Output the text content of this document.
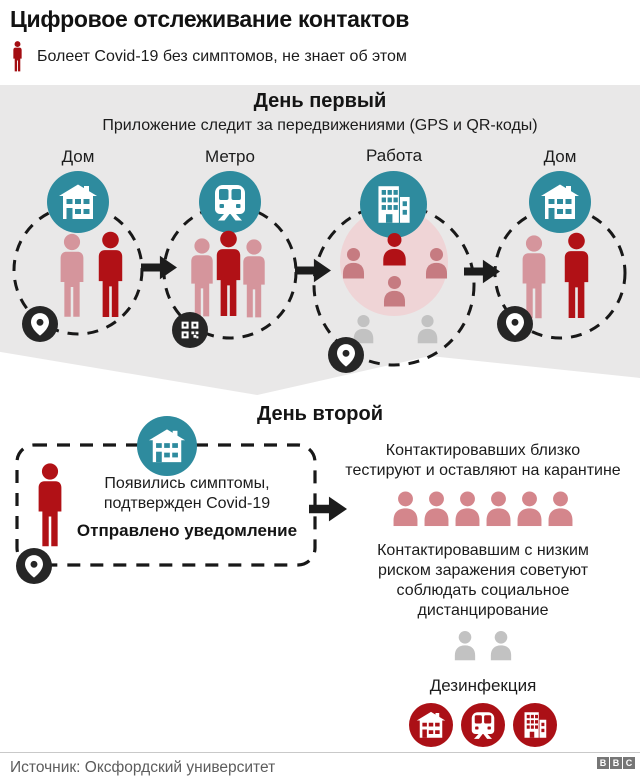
Цифровое отслеживание контактов
Болеет Covid-19 без симптомов, не знает об этом
День первый
Приложение следит за передвижениями (GPS и QR-коды)
Дом	Метро	Работа	Дом
День второй
Появились симптомы,
подтвержден Covid-19
Отправлено уведомление
Контактировавших близко
тестируют и оставляют на карантине
Контактировавшим с низким
риском заражения советуют
соблюдать социальное
дистанцирование
Дезинфекция
Источник: Оксфордский университет	B B C
